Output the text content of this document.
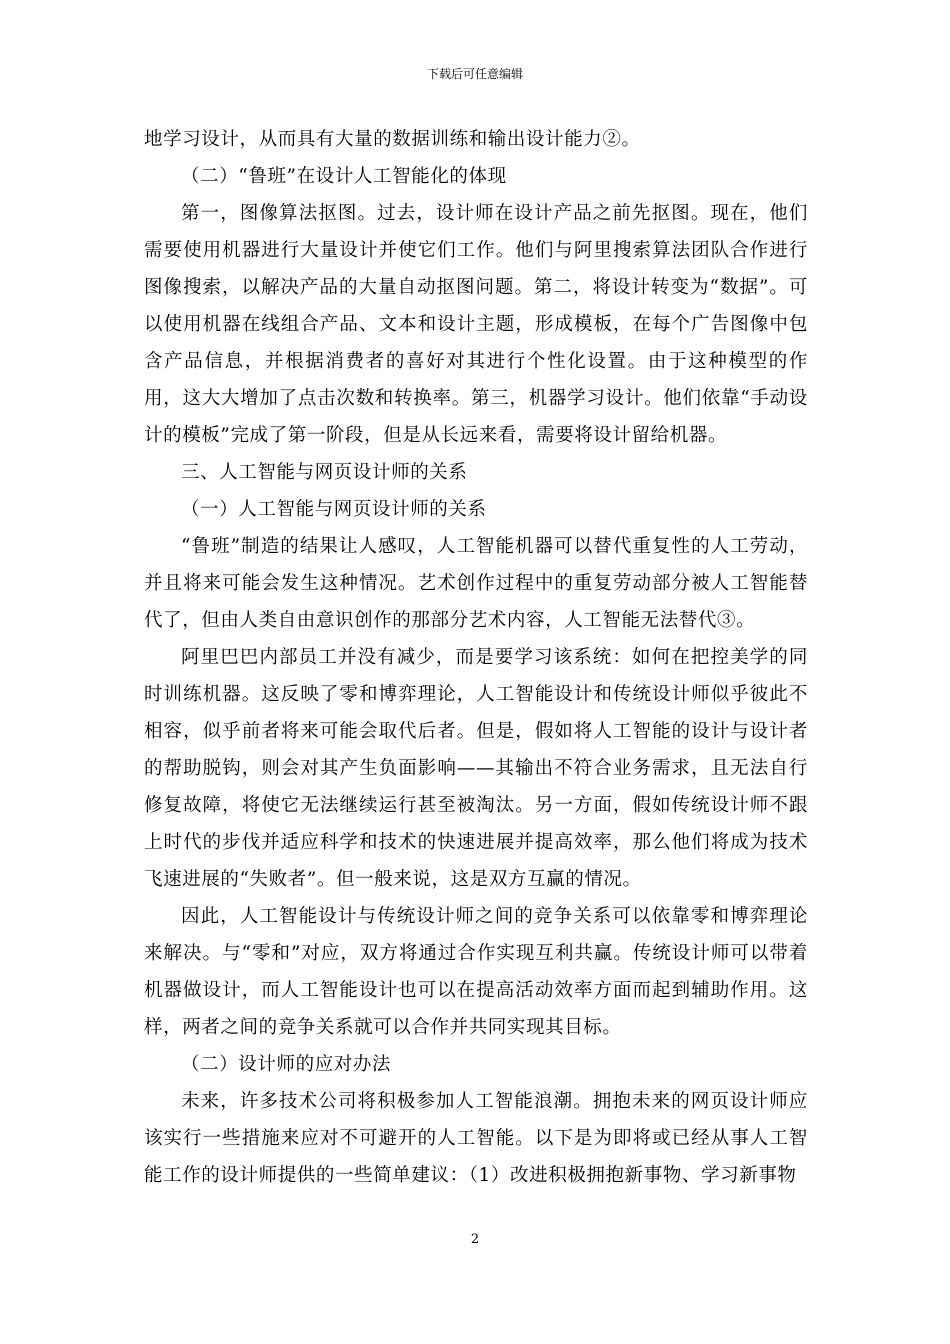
下载后可任意编辑

地学习设计，从而具有大量的数据训练和输出设计能力②。

（二）“鲁班”在设计人工智能化的体现

第一，图像算法抠图。过去，设计师在设计产品之前先抠图。现在，他们需要使用机器进行大量设计并使它们工作。他们与阿里搜索算法团队合作进行图像搜索，以解决产品的大量自动抠图问题。第二，将设计转变为“数据”。可以使用机器在线组合产品、文本和设计主题，形成模板，在每个广告图像中包含产品信息，并根据消费者的喜好对其进行个性化设置。由于这种模型的作用，这大大增加了点击次数和转换率。第三，机器学习设计。他们依靠“手动设计的模板”完成了第一阶段，但是从长远来看，需要将设计留给机器。

三、人工智能与网页设计师的关系

（一）人工智能与网页设计师的关系

“鲁班”制造的结果让人感叹，人工智能机器可以替代重复性的人工劳动，并且将来可能会发生这种情况。艺术创作过程中的重复劳动部分被人工智能替代了，但由人类自由意识创作的那部分艺术内容，人工智能无法替代③。

阿里巴巴内部员工并没有减少，而是要学习该系统：如何在把控美学的同时训练机器。这反映了零和博弈理论，人工智能设计和传统设计师似乎彼此不相容，似乎前者将来可能会取代后者。但是，假如将人工智能的设计与设计者的帮助脱钩，则会对其产生负面影响——其输出不符合业务需求，且无法自行修复故障，将使它无法继续运行甚至被淘汰。另一方面，假如传统设计师不跟上时代的步伐并适应科学和技术的快速进展并提高效率，那么他们将成为技术飞速进展的“失败者”。但一般来说，这是双方互赢的情况。

因此，人工智能设计与传统设计师之间的竞争关系可以依靠零和博弈理论来解决。与“零和”对应，双方将通过合作实现互利共赢。传统设计师可以带着机器做设计，而人工智能设计也可以在提高活动效率方面而起到辅助作用。这样，两者之间的竞争关系就可以合作并共同实现其目标。

（二）设计师的应对办法

未来，许多技术公司将积极参加人工智能浪潮。拥抱未来的网页设计师应该实行一些措施来应对不可避开的人工智能。以下是为即将或已经从事人工智能工作的设计师提供的一些简单建议：（1）改进积极拥抱新事物、学习新事物

2
